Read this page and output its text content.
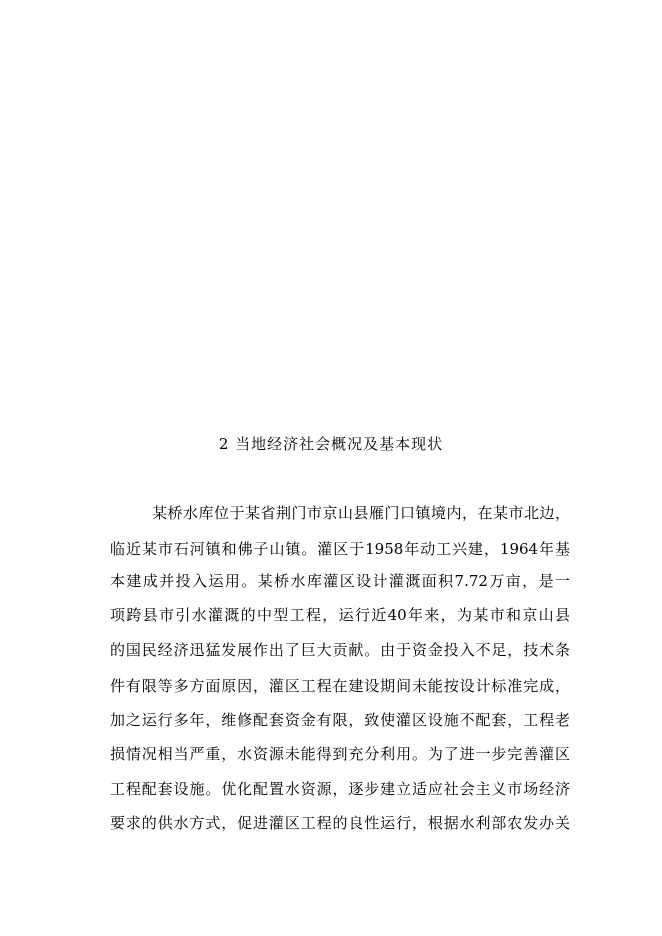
2 当地经济社会概况及基本现状
某桥水库位于某省荆门市京山县雁门口镇境内，在某市北边，
临近某市石河镇和佛子山镇。灌区于1958年动工兴建，1964年基
本建成并投入运用。某桥水库灌区设计灌溉面积7.72万亩，是一
项跨县市引水灌溉的中型工程，运行近40年来，为某市和京山县
的国民经济迅猛发展作出了巨大贡献。由于资金投入不足，技术条
件有限等多方面原因，灌区工程在建设期间未能按设计标准完成，
加之运行多年，维修配套资金有限，致使灌区设施不配套，工程老
损情况相当严重，水资源未能得到充分利用。为了进一步完善灌区
工程配套设施。优化配置水资源，逐步建立适应社会主义市场经济
要求的供水方式，促进灌区工程的良性运行，根据水利部农发办关
